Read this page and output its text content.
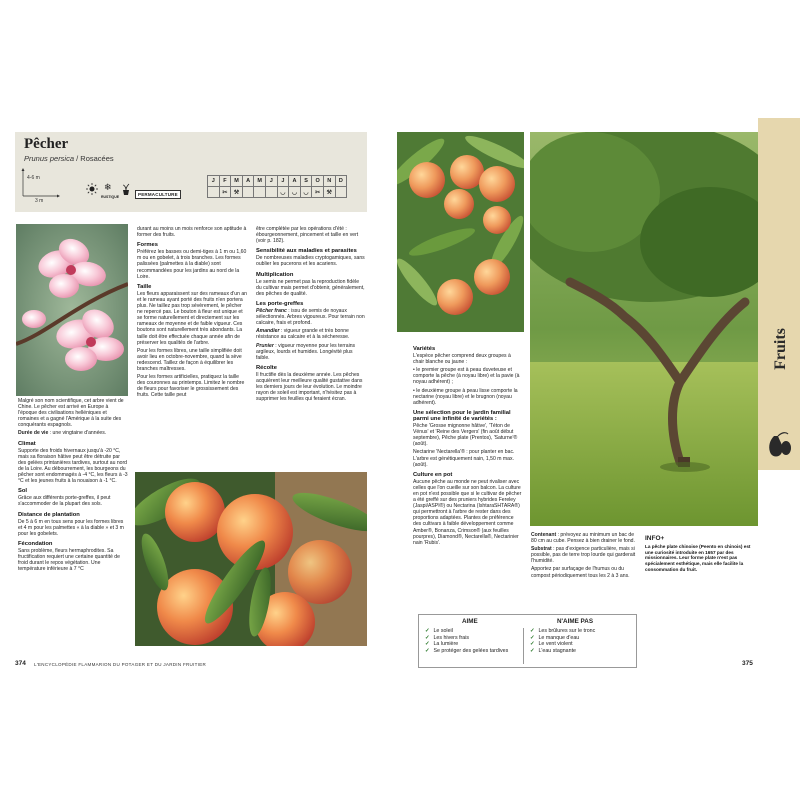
Pêcher
Prunus persica / Rosacées
4-6 m
3 m
❄
RUSTIQUE	PERMACULTURE
J	F	M	A	M	J	J	A	S	O	N	D
	✂	⚒				◡	◡	◡	✂	⚒	

Malgré son nom scientifique, cet arbre vient de Chine. Le pêcher est arrivé en Europe à l'époque des civilisations helléniques et romaines et a gagné l'Amérique à la suite des conquérants espagnols.

Durée de vie : une vingtaine d'années.

Climat

Supporte des froids hivernaux jusqu'à -20 °C, mais sa floraison hâtive peut être détruite par des gelées printanières tardives, surtout au nord de la Loire. Au débourrement, les bourgeons du pêcher sont endommagés à -4 °C, les fleurs à -3 °C et les jeunes fruits à la nouaison à -1 °C.

Sol

Grâce aux différents porte-greffes, il peut s'accommoder de la plupart des sols.

Distance de plantation

De 5 à 6 m en tous sens pour les formes libres et 4 m pour les palmettes « à la diable » et 3 m pour les gobelets.

Fécondation

Sans problème, fleurs hermaphrodites. Sa fructification requiert une certaine quantité de froid durant le repos végétation. Une température inférieure à 7 °C

durant au moins un mois renforce son aptitude à former des fruits.

Formes

Préférez les basses ou demi-tiges à 1 m ou 1,60 m ou en gobelet, à trois branches. Les formes palissées (palmettes à la diable) sont recommandées pour les jardins au nord de la Loire.

Taille

Les fleurs apparaissent sur des rameaux d'un an et le rameau ayant porté des fruits n'en portera plus. Ne taillez pas trop sévèrement, le pêcher ne repercé pas. Le bouton à fleur est unique et se forme naturellement et directement sur les rameaux de moyenne et de faible vigueur. Ces boutons sont naturellement très abondants. La taille doit être effectuée chaque année afin de préserver les qualités de l'arbre.

Pour les formes libres, une taille simplifiée doit avoir lieu en octobre-novembre, quand la sève redescend. Taillez de façon à équilibrer les branches maîtresses.

Pour les formes artificielles, pratiquez la taille des couronnes au printemps. Limitez le nombre de fleurs pour favoriser le grossissement des fruits. Cette taille peut

être complétée par les opérations d'été : ébourgeonnement, pincement et taille en vert (voir p. 182).

Sensibilité aux maladies et parasites

De nombreuses maladies cryptogamiques, sans oublier les pucerons et les acariens.

Multiplication

Le semis ne permet pas la reproduction fidèle du cultivar mais permet d'obtenir, généralement, des pêches de qualité.

Les porte-greffes

Pêcher franc : issu de semis de noyaux sélectionnés. Arbres vigoureux. Pour terrain non calcaire, frais et profond.

Amandier : vigueur grande et très bonne résistance au calcaire et à la sécheresse.

Prunier : vigueur moyenne pour les terrains argileux, lourds et humides. Longévité plus faible.

Récolte

Il fructifie dès la deuxième année. Les pêches acquièrent leur meilleure qualité gustative dans les derniers jours de leur évolution. Le moindre rayon de soleil est important, n'hésitez pas à supprimer les feuilles qui feraient écran.

374 L'ENCYCLOPÉDIE FLAMMARION DU POTAGER ET DU JARDIN FRUITIER
Variétés

L'espèce pêcher comprend deux groupes à chair blanche ou jaune :

• le premier groupe est à peau duveteuse et comporte la pêche (à noyau libre) et la pavie (à noyau adhérent) ;

• le deuxième groupe à peau lisse comporte la nectarine (noyau libre) et le brugnon (noyau adhérent).

Une sélection pour le jardin familial parmi une infinité de variétés :

Pêche 'Grosse mignonne hâtive', 'Téton de Vénus' et 'Reine des Vergers' (fin août début septembre), Pêche plate (Prentos), 'Saturne'® (août).

Nectarine 'Nectarella'® : pour planter en bac. L'arbre est génétiquement nain, 1,50 m max. (août).

Culture en pot

Aucune pêche au monde ne peut rivaliser avec celles que l'on cueille sur son balcon. La culture en pot n'est possible que si le cultivar de pêcher a été greffé sur des pruniers hybrides Fereley (Jaspi/ASPI®) ou Nectarina (IshtaraSHTARA®) qui permettront à l'arbre de rester dans des proportions adaptées. Plantes de préférence des cultivars à faible développement comme Amber®, Bonanza, Crimson® (aux feuilles pourpres), Diamond®, Nectarella®, Nectarinier nain 'Rubis'.

Contenant : prévoyez au minimum un bac de 80 cm au cube. Pensez à bien drainer le fond.

Substrat : pas d'exigence particulière, mais si possible, pas de terre trop lourde qui garderait l'humidité.

Apportez par surfaçage de l'humus ou du compost périodiquement tous les 2 à 3 ans.

INFO+
La pêche plate chinoise (Peento en chinois) est une curiosité introduite en 1657 par des missionnaires. Leur forme plate n'est pas spécialement esthétique, mais elle facilite la consommation du fruit.
AIME	N'AIME PAS
✓ Le soleil
✓ Les hivers frais
✓ La lumière
✓ Se protéger des gelées tardives
✓ Les brûlures sur le tronc
✓ Le manque d'eau
✓ Le vent violent
✓ L'eau stagnante
Fruits
375
